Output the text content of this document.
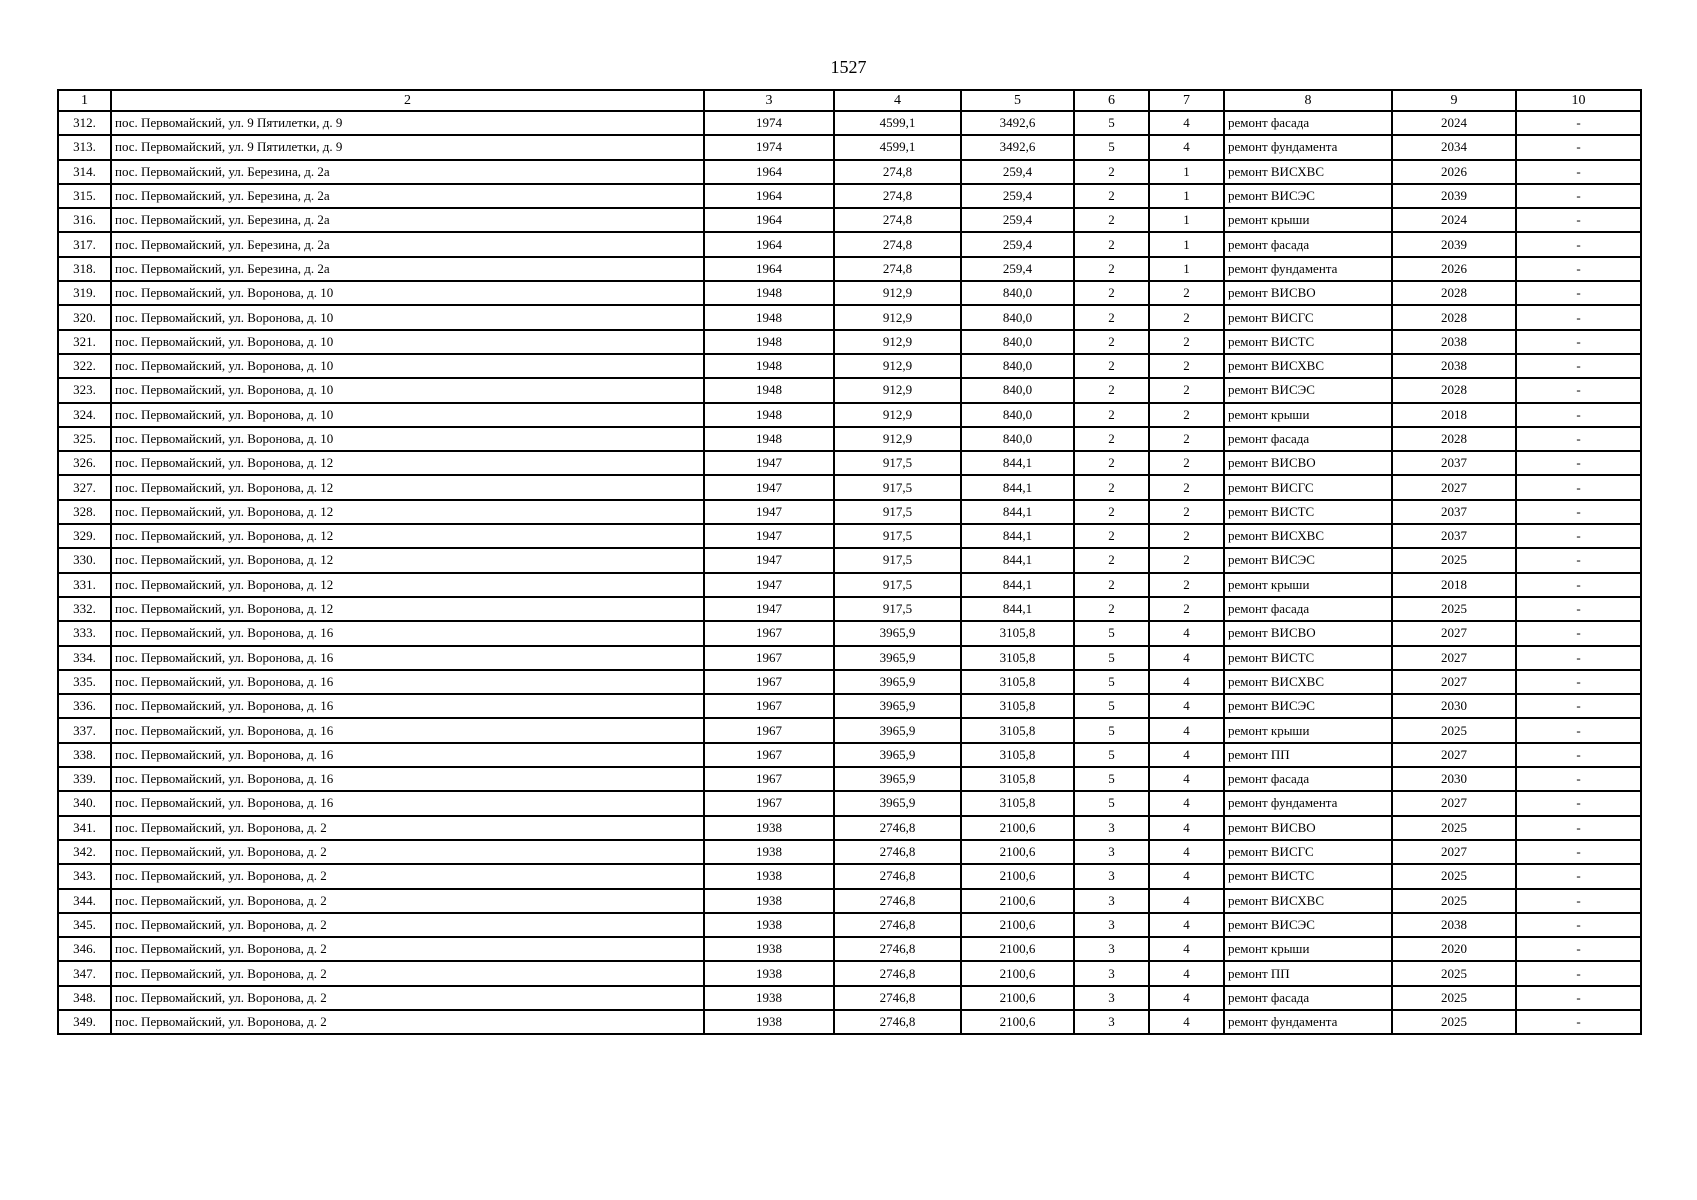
1527
1	2	3	4	5	6	7	8	9	10
312.	пос. Первомайский, ул. 9 Пятилетки, д. 9	1974	4599,1	3492,6	5	4	ремонт фасада	2024	-
313.	пос. Первомайский, ул. 9 Пятилетки, д. 9	1974	4599,1	3492,6	5	4	ремонт фундамента	2034	-
314.	пос. Первомайский, ул. Березина, д. 2а	1964	274,8	259,4	2	1	ремонт ВИСХВС	2026	-
315.	пос. Первомайский, ул. Березина, д. 2а	1964	274,8	259,4	2	1	ремонт ВИСЭС	2039	-
316.	пос. Первомайский, ул. Березина, д. 2а	1964	274,8	259,4	2	1	ремонт крыши	2024	-
317.	пос. Первомайский, ул. Березина, д. 2а	1964	274,8	259,4	2	1	ремонт фасада	2039	-
318.	пос. Первомайский, ул. Березина, д. 2а	1964	274,8	259,4	2	1	ремонт фундамента	2026	-
319.	пос. Первомайский, ул. Воронова, д. 10	1948	912,9	840,0	2	2	ремонт ВИСВО	2028	-
320.	пос. Первомайский, ул. Воронова, д. 10	1948	912,9	840,0	2	2	ремонт ВИСГС	2028	-
321.	пос. Первомайский, ул. Воронова, д. 10	1948	912,9	840,0	2	2	ремонт ВИСТС	2038	-
322.	пос. Первомайский, ул. Воронова, д. 10	1948	912,9	840,0	2	2	ремонт ВИСХВС	2038	-
323.	пос. Первомайский, ул. Воронова, д. 10	1948	912,9	840,0	2	2	ремонт ВИСЭС	2028	-
324.	пос. Первомайский, ул. Воронова, д. 10	1948	912,9	840,0	2	2	ремонт крыши	2018	-
325.	пос. Первомайский, ул. Воронова, д. 10	1948	912,9	840,0	2	2	ремонт фасада	2028	-
326.	пос. Первомайский, ул. Воронова, д. 12	1947	917,5	844,1	2	2	ремонт ВИСВО	2037	-
327.	пос. Первомайский, ул. Воронова, д. 12	1947	917,5	844,1	2	2	ремонт ВИСГС	2027	-
328.	пос. Первомайский, ул. Воронова, д. 12	1947	917,5	844,1	2	2	ремонт ВИСТС	2037	-
329.	пос. Первомайский, ул. Воронова, д. 12	1947	917,5	844,1	2	2	ремонт ВИСХВС	2037	-
330.	пос. Первомайский, ул. Воронова, д. 12	1947	917,5	844,1	2	2	ремонт ВИСЭС	2025	-
331.	пос. Первомайский, ул. Воронова, д. 12	1947	917,5	844,1	2	2	ремонт крыши	2018	-
332.	пос. Первомайский, ул. Воронова, д. 12	1947	917,5	844,1	2	2	ремонт фасада	2025	-
333.	пос. Первомайский, ул. Воронова, д. 16	1967	3965,9	3105,8	5	4	ремонт ВИСВО	2027	-
334.	пос. Первомайский, ул. Воронова, д. 16	1967	3965,9	3105,8	5	4	ремонт ВИСТС	2027	-
335.	пос. Первомайский, ул. Воронова, д. 16	1967	3965,9	3105,8	5	4	ремонт ВИСХВС	2027	-
336.	пос. Первомайский, ул. Воронова, д. 16	1967	3965,9	3105,8	5	4	ремонт ВИСЭС	2030	-
337.	пос. Первомайский, ул. Воронова, д. 16	1967	3965,9	3105,8	5	4	ремонт крыши	2025	-
338.	пос. Первомайский, ул. Воронова, д. 16	1967	3965,9	3105,8	5	4	ремонт ПП	2027	-
339.	пос. Первомайский, ул. Воронова, д. 16	1967	3965,9	3105,8	5	4	ремонт фасада	2030	-
340.	пос. Первомайский, ул. Воронова, д. 16	1967	3965,9	3105,8	5	4	ремонт фундамента	2027	-
341.	пос. Первомайский, ул. Воронова, д. 2	1938	2746,8	2100,6	3	4	ремонт ВИСВО	2025	-
342.	пос. Первомайский, ул. Воронова, д. 2	1938	2746,8	2100,6	3	4	ремонт ВИСГС	2027	-
343.	пос. Первомайский, ул. Воронова, д. 2	1938	2746,8	2100,6	3	4	ремонт ВИСТС	2025	-
344.	пос. Первомайский, ул. Воронова, д. 2	1938	2746,8	2100,6	3	4	ремонт ВИСХВС	2025	-
345.	пос. Первомайский, ул. Воронова, д. 2	1938	2746,8	2100,6	3	4	ремонт ВИСЭС	2038	-
346.	пос. Первомайский, ул. Воронова, д. 2	1938	2746,8	2100,6	3	4	ремонт крыши	2020	-
347.	пос. Первомайский, ул. Воронова, д. 2	1938	2746,8	2100,6	3	4	ремонт ПП	2025	-
348.	пос. Первомайский, ул. Воронова, д. 2	1938	2746,8	2100,6	3	4	ремонт фасада	2025	-
349.	пос. Первомайский, ул. Воронова, д. 2	1938	2746,8	2100,6	3	4	ремонт фундамента	2025	-
